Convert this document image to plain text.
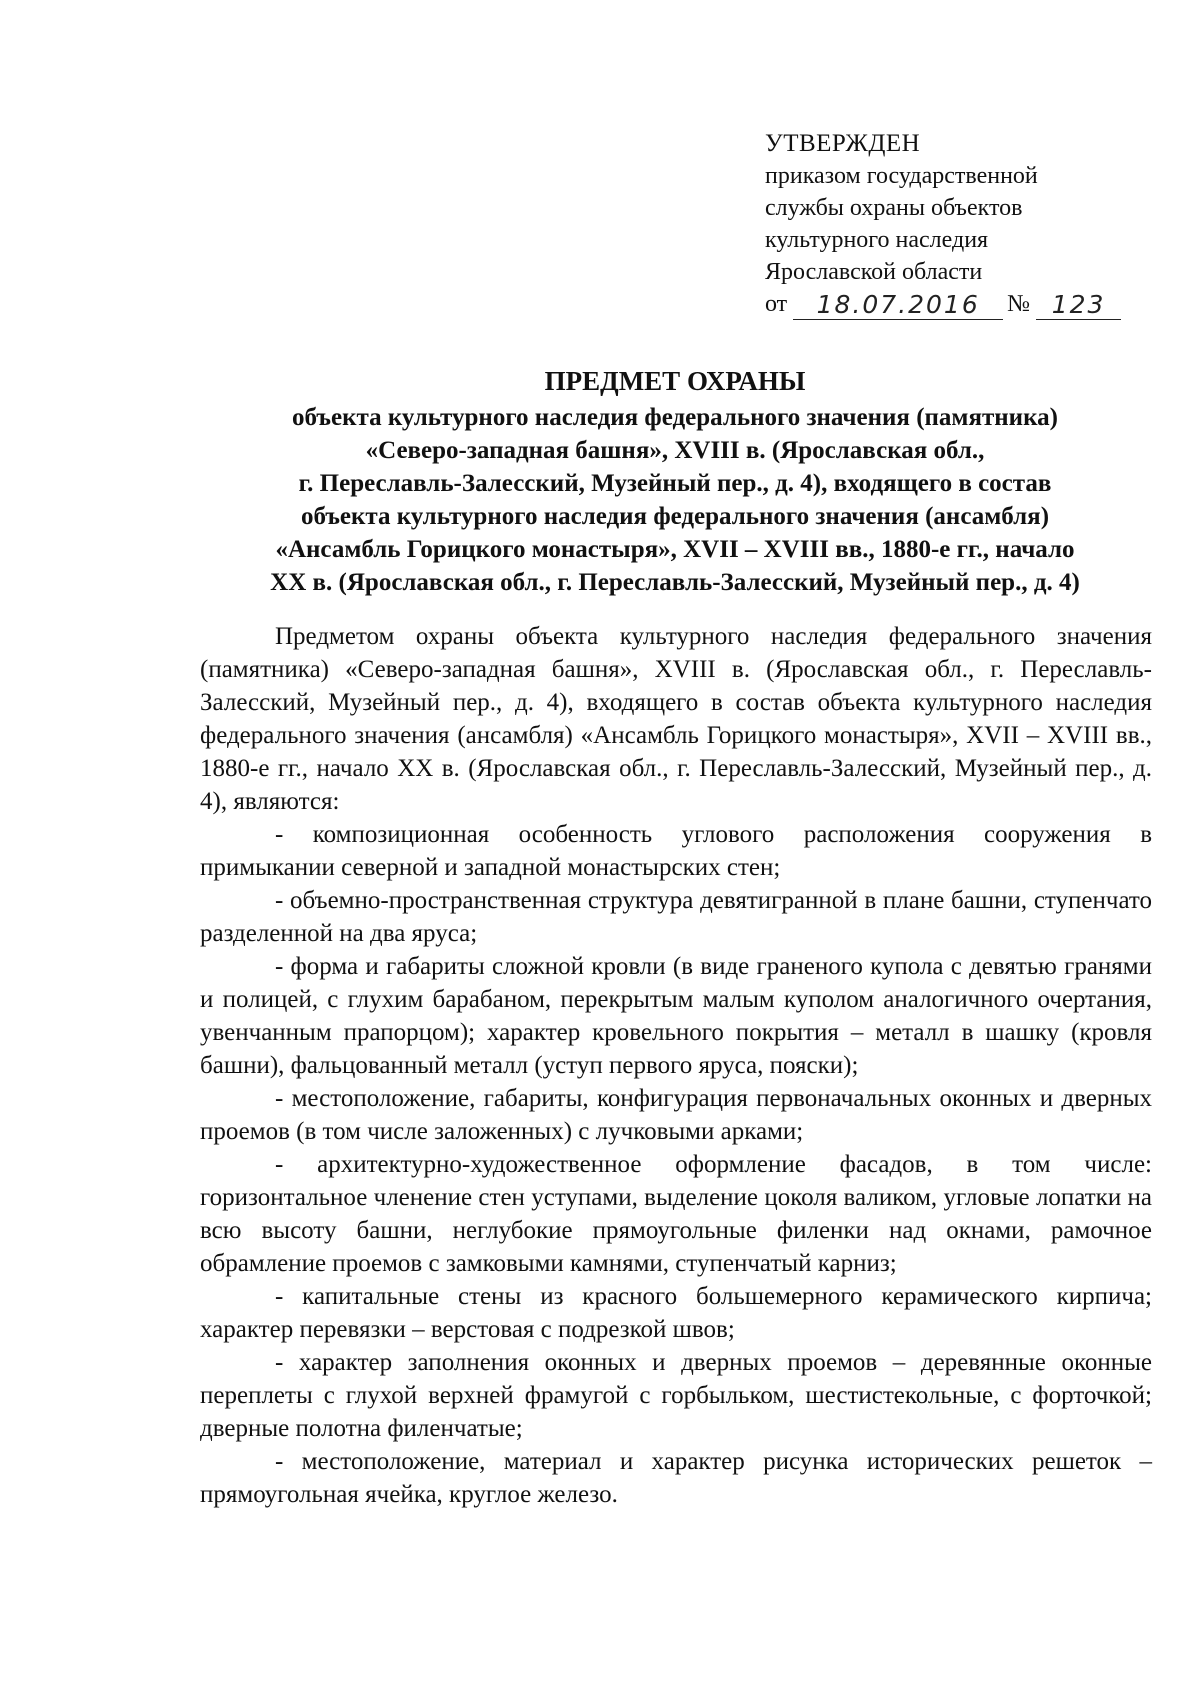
УТВЕРЖДЕН
приказом государственной
службы охраны объектов
культурного наследия
Ярославской области
от	18.07.2016	№ 123
ПРЕДМЕТ ОХРАНЫ
объекта культурного наследия федерального значения (памятника)
«Северо-западная башня», XVIII в. (Ярославская обл.,
г. Переславль-Залесский, Музейный пер., д. 4), входящего в состав
объекта культурного наследия федерального значения (ансамбля)
«Ансамбль Горицкого монастыря», XVII – XVIII вв., 1880-е гг., начало
XX в. (Ярославская обл., г. Переславль-Залесский, Музейный пер., д. 4)

Предметом охраны объекта культурного наследия федерального значения (памятника) «Северо-западная башня», XVIII в. (Ярославская обл., г. Переславль-Залесский, Музейный пер., д. 4), входящего в состав объекта культурного наследия федерального значения (ансамбля) «Ансамбль Горицкого монастыря», XVII – XVIII вв., 1880-е гг., начало XX в. (Ярославская обл., г. Переславль-Залесский, Музейный пер., д. 4), являются:

- композиционная особенность углового расположения сооружения в примыкании северной и западной монастырских стен;

- объемно-пространственная структура девятигранной в плане башни, ступенчато разделенной на два яруса;

- форма и габариты сложной кровли (в виде граненого купола с девятью гранями и полицей, с глухим барабаном, перекрытым малым куполом аналогичного очертания, увенчанным прапорцом); характер кровельного покрытия – металл в шашку (кровля башни), фальцованный металл (уступ первого яруса, пояски);

- местоположение, габариты, конфигурация первоначальных оконных и дверных проемов (в том числе заложенных) с лучковыми арками;

- архитектурно-художественное оформление фасадов, в том числе: горизонтальное членение стен уступами, выделение цоколя валиком, угловые лопатки на всю высоту башни, неглубокие прямоугольные филенки над окнами, рамочное обрамление проемов с замковыми камнями, ступенчатый карниз;

- капитальные стены из красного большемерного керамического кирпича; характер перевязки – верстовая с подрезкой швов;

- характер заполнения оконных и дверных проемов – деревянные оконные переплеты с глухой верхней фрамугой с горбыльком, шестистекольные, с форточкой; дверные полотна филенчатые;

- местоположение, материал и характер рисунка исторических решеток – прямоугольная ячейка, круглое железо.
